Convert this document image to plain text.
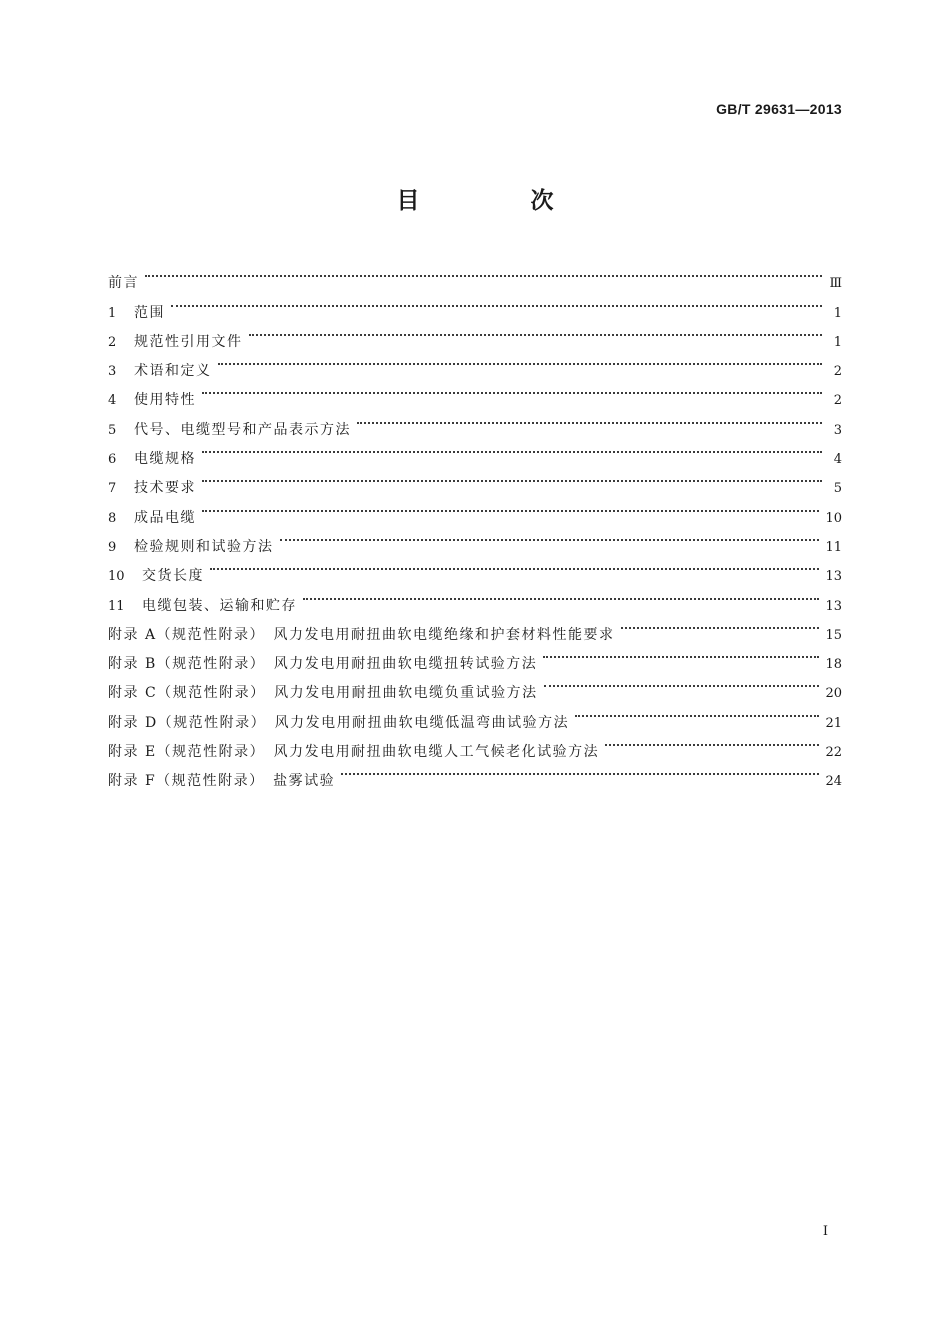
GB/T 29631—2013
目　次
前言	Ⅲ
1 范围	1
2 规范性引用文件	1
3 术语和定义	2
4 使用特性	2
5 代号、电缆型号和产品表示方法	3
6 电缆规格	4
7 技术要求	5
8 成品电缆	10
9 检验规则和试验方法	11
10 交货长度	13
11 电缆包装、运输和贮存	13
附录 A（规范性附录）　风力发电用耐扭曲软电缆绝缘和护套材料性能要求	15
附录 B（规范性附录）　风力发电用耐扭曲软电缆扭转试验方法	18
附录 C（规范性附录）　风力发电用耐扭曲软电缆负重试验方法	20
附录 D（规范性附录）　风力发电用耐扭曲软电缆低温弯曲试验方法	21
附录 E（规范性附录）　风力发电用耐扭曲软电缆人工气候老化试验方法	22
附录 F（规范性附录）　盐雾试验	24
I
